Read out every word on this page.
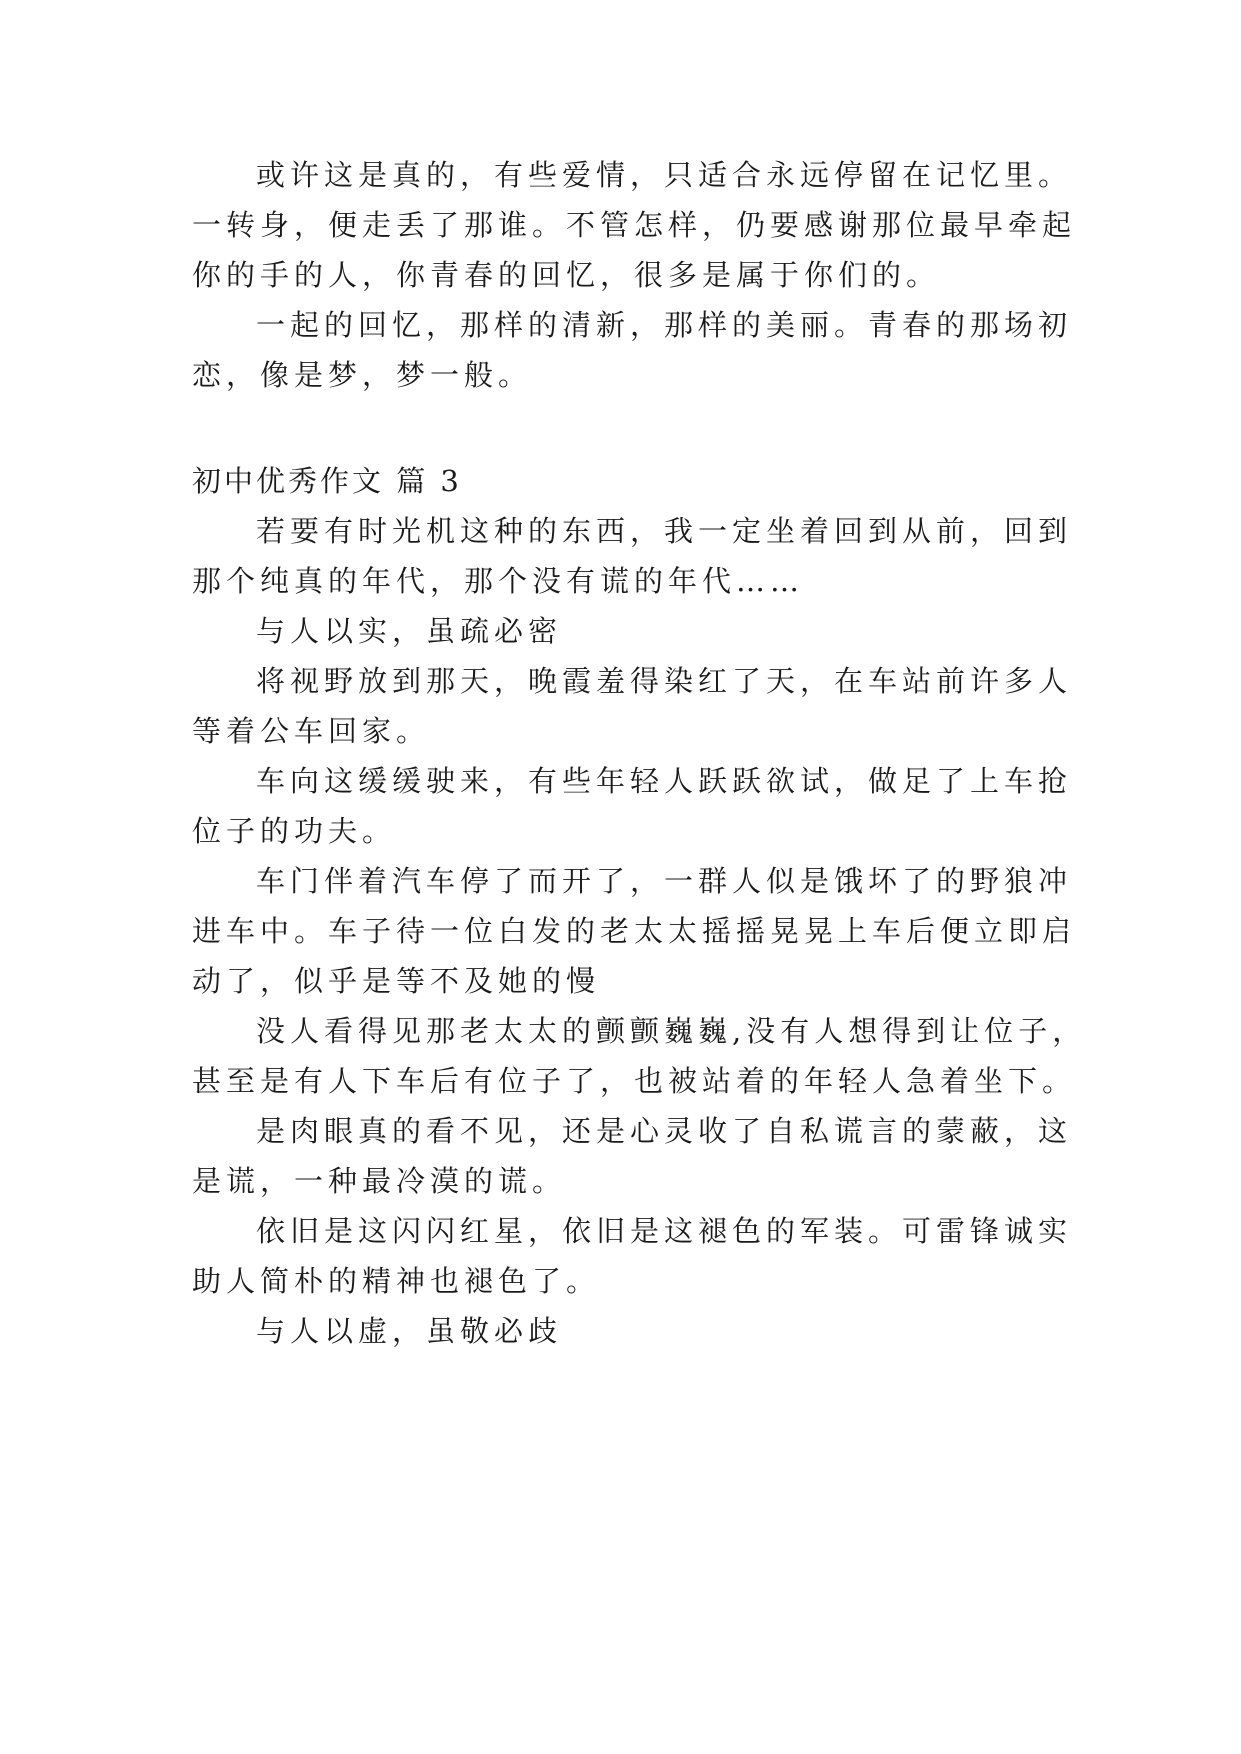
或许这是真的，有些爱情，只适合永远停留在记忆里。
一转身，便走丢了那谁。不管怎样，仍要感谢那位最早牵起
你的手的人，你青春的回忆，很多是属于你们的。
一起的回忆，那样的清新，那样的美丽。青春的那场初
恋，像是梦，梦一般。
初中优秀作文 篇 3
若要有时光机这种的东西，我一定坐着回到从前，回到
那个纯真的年代，那个没有谎的年代……
与人以实，虽疏必密
将视野放到那天，晚霞羞得染红了天，在车站前许多人
等着公车回家。
车向这缓缓驶来，有些年轻人跃跃欲试，做足了上车抢
位子的功夫。
车门伴着汽车停了而开了，一群人似是饿坏了的野狼冲
进车中。车子待一位白发的老太太摇摇晃晃上车后便立即启
动了，似乎是等不及她的慢
没人看得见那老太太的颤颤巍巍,没有人想得到让位子，
甚至是有人下车后有位子了，也被站着的年轻人急着坐下。
是肉眼真的看不见，还是心灵收了自私谎言的蒙蔽，这
是谎，一种最冷漠的谎。
依旧是这闪闪红星，依旧是这褪色的军装。可雷锋诚实
助人简朴的精神也褪色了。
与人以虚，虽敬必歧
